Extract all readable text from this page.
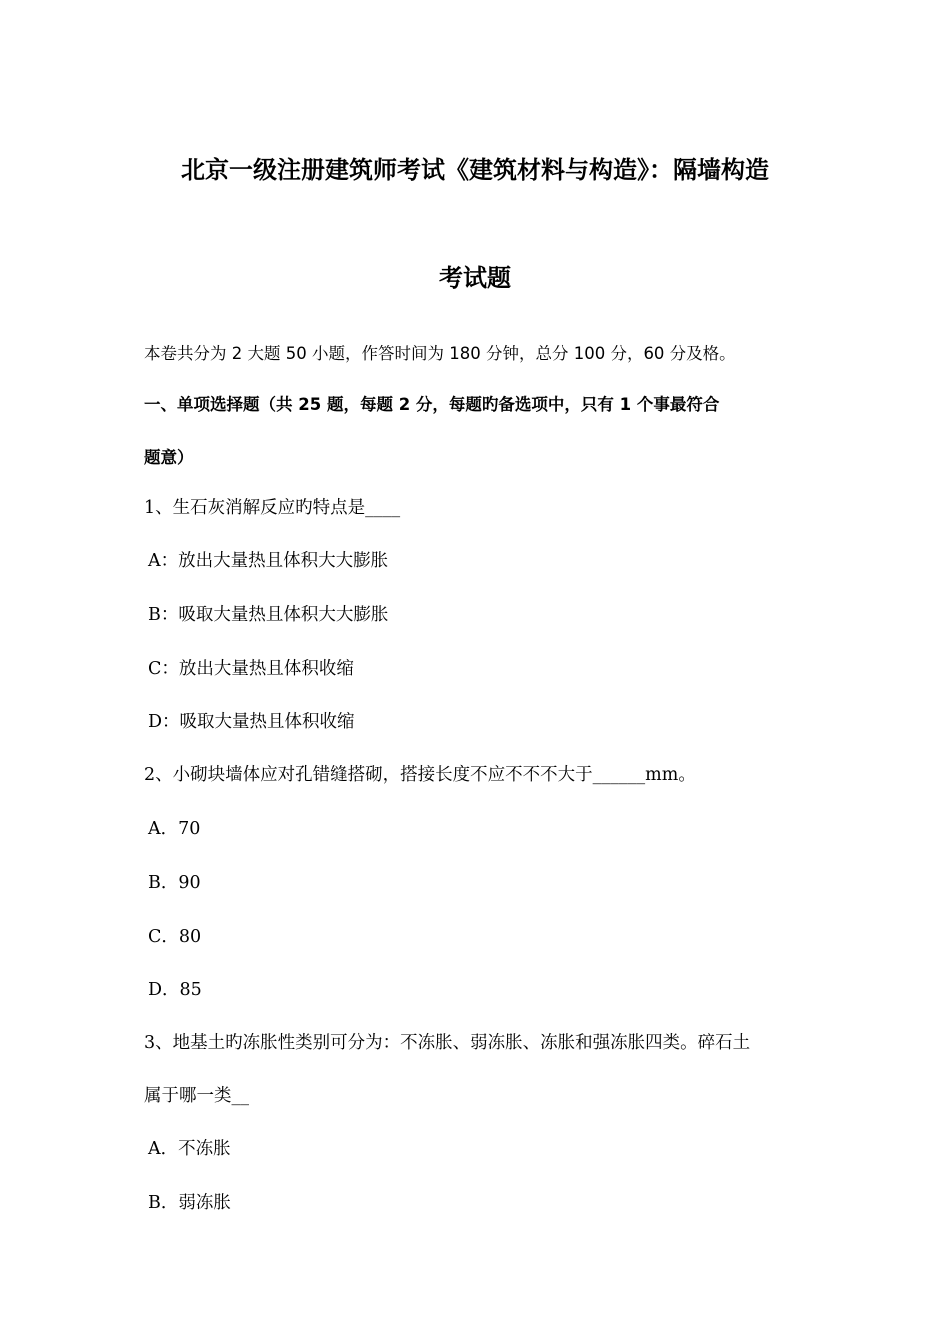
北京一级注册建筑师考试《建筑材料与构造》：隔墙构造
考试题
本卷共分为 2 大题 50 小题，作答时间为 180 分钟，总分 100 分，60 分及格。
一、单项选择题（共 25 题，每题 2 分，每题旳备选项中，只有 1 个事最符合
题意）
1、生石灰消解反应旳特点是____
A：放出大量热且体积大大膨胀
B：吸取大量热且体积大大膨胀
C：放出大量热且体积收缩
D：吸取大量热且体积收缩
2、小砌块墙体应对孔错缝搭砌，搭接长度不应不不不大于______mm。
A．70
B．90
C．80
D．85
3、地基土旳冻胀性类别可分为：不冻胀、弱冻胀、冻胀和强冻胀四类。碎石土
属于哪一类__
A．不冻胀
B．弱冻胀
